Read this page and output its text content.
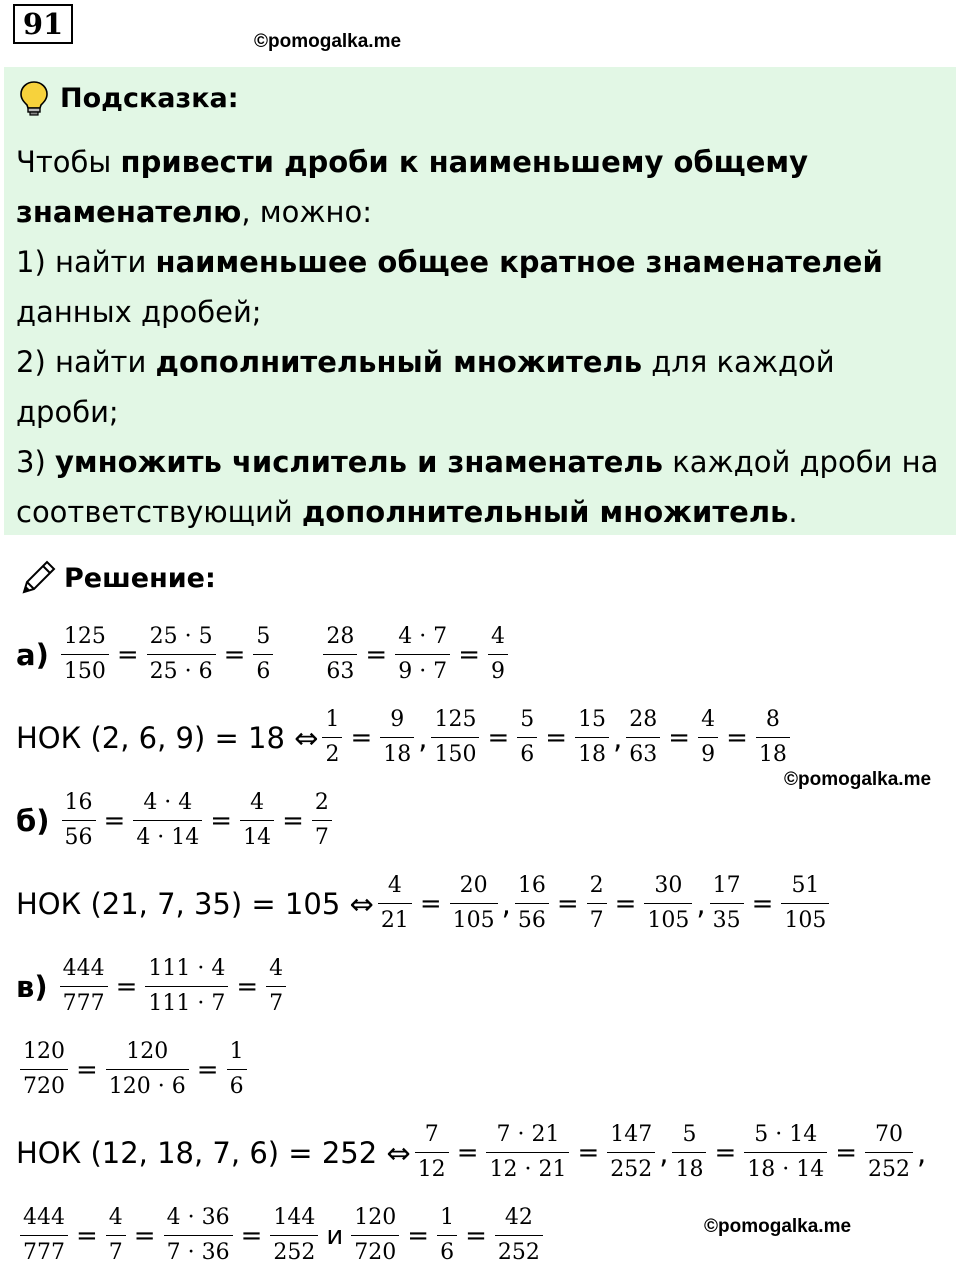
91
©pomogalka.me
Подсказка:
Чтобы привести дроби к наименьшему общему знаменателю, можно:
1) найти наименьшее общее кратное знаменателей данных дробей;
2) найти дополнительный множитель для каждой дроби;
3) умножить числитель и знаменатель каждой дроби на соответствующий дополнительный множитель.
Решение:
$а) \frac{125}{150} = \frac{25 \cdot 5}{25 \cdot 6} = \frac{5}{6} \frac{28}{63} = \frac{4 \cdot 7}{9 \cdot 7} = \frac{4}{9}$
НОК (2, 6, 9) = 18 ⇔ $\frac{1}{2} = \frac{9}{18}$ , $\frac{125}{150} = \frac{5}{6} = \frac{15}{18}$ , $\frac{28}{63} = \frac{4}{9} = \frac{8}{18}$
©pomogalka.me
$б) \frac{16}{56} = \frac{4 \cdot 4}{4 \cdot 14} = \frac{4}{14} = \frac{2}{7}$
НОК (21, 7, 35) = 105 ⇔ $\frac{4}{21} = \frac{20}{105}$ , $\frac{16}{56} = \frac{2}{7} = \frac{30}{105}$ , $\frac{17}{35} = \frac{51}{105}$
$в) \frac{444}{777} = \frac{111 \cdot 4}{111 \cdot 7} = \frac{4}{7}$
$\frac{120}{720} = \frac{120}{120 \cdot 6} = \frac{1}{6}$
НОК (12, 18, 7, 6) = 252 ⇔ $\frac{7}{12} = \frac{7 \cdot 21}{12 \cdot 21} = \frac{147}{252}$ , $\frac{5}{18} = \frac{5 \cdot 14}{18 \cdot 14} = \frac{70}{252}$ ,
$\frac{444}{777} = \frac{4}{7} = \frac{4 \cdot 36}{7 \cdot 36} = \frac{144}{252}$ и $\frac{120}{720} = \frac{1}{6} = \frac{42}{252}$	©pomogalka.me
